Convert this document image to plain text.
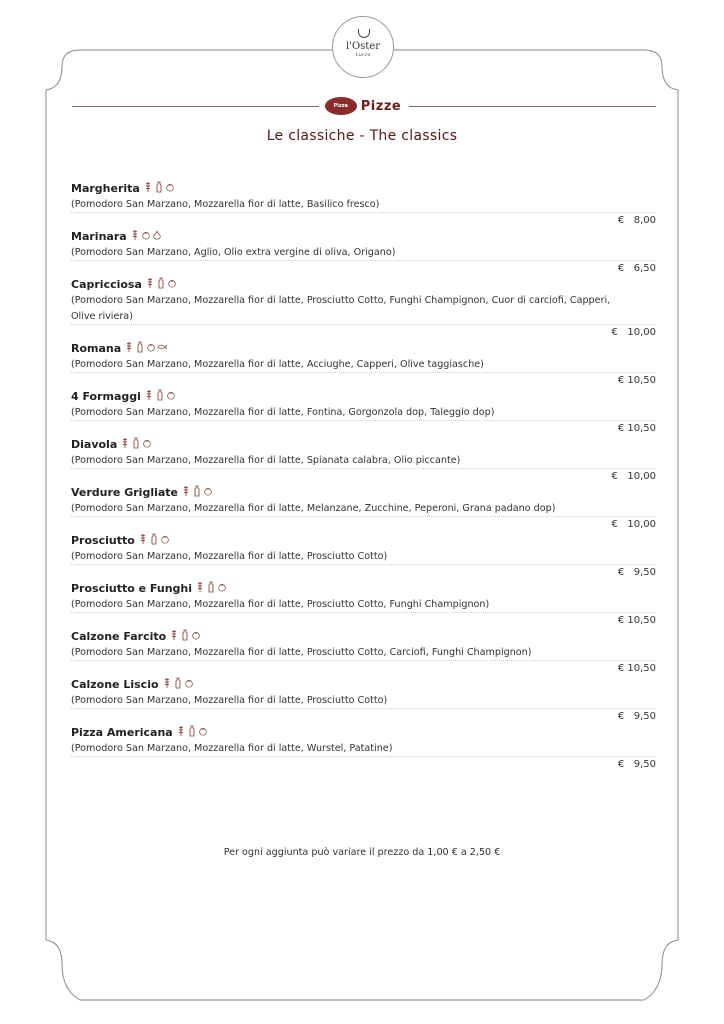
l'Oster
Lucca
Pizza Pizze
Le classiche - The classics
Margherita
(Pomodoro San Marzano, Mozzarella fior di latte, Basilico fresco)
€   8,00
Marinara
(Pomodoro San Marzano, Aglio, Olio extra vergine di oliva, Origano)
€   6,50
Capricciosa
(Pomodoro San Marzano, Mozzarella fior di latte, Prosciutto Cotto, Funghi Champignon, Cuor di carciofi, Capperi, Olive riviera)
€   10,00
Romana
(Pomodoro San Marzano, Mozzarella fior di latte, Acciughe, Capperi, Olive taggiasche)
€ 10,50
4 Formaggi
(Pomodoro San Marzano, Mozzarella fior di latte, Fontina, Gorgonzola dop, Taleggio dop)
€ 10,50
Diavola
(Pomodoro San Marzano, Mozzarella fior di latte, Spianata calabra, Olio piccante)
€   10,00
Verdure Grigliate
(Pomodoro San Marzano, Mozzarella fior di latte, Melanzane, Zucchine, Peperoni, Grana padano dop)
€   10,00
Prosciutto
(Pomodoro San Marzano, Mozzarella fior di latte, Prosciutto Cotto)
€   9,50
Prosciutto e Funghi
(Pomodoro San Marzano, Mozzarella fior di latte, Prosciutto Cotto, Funghi Champignon)
€ 10,50
Calzone Farcito
(Pomodoro San Marzano, Mozzarella fior di latte, Prosciutto Cotto, Carciofi, Funghi Champignon)
€ 10,50
Calzone Liscio
(Pomodoro San Marzano, Mozzarella fior di latte, Prosciutto Cotto)
€   9,50
Pizza Americana
(Pomodoro San Marzano, Mozzarella fior di latte, Wurstel, Patatine)
€   9,50
Per ogni aggiunta può variare il prezzo da 1,00 € a 2,50 €
